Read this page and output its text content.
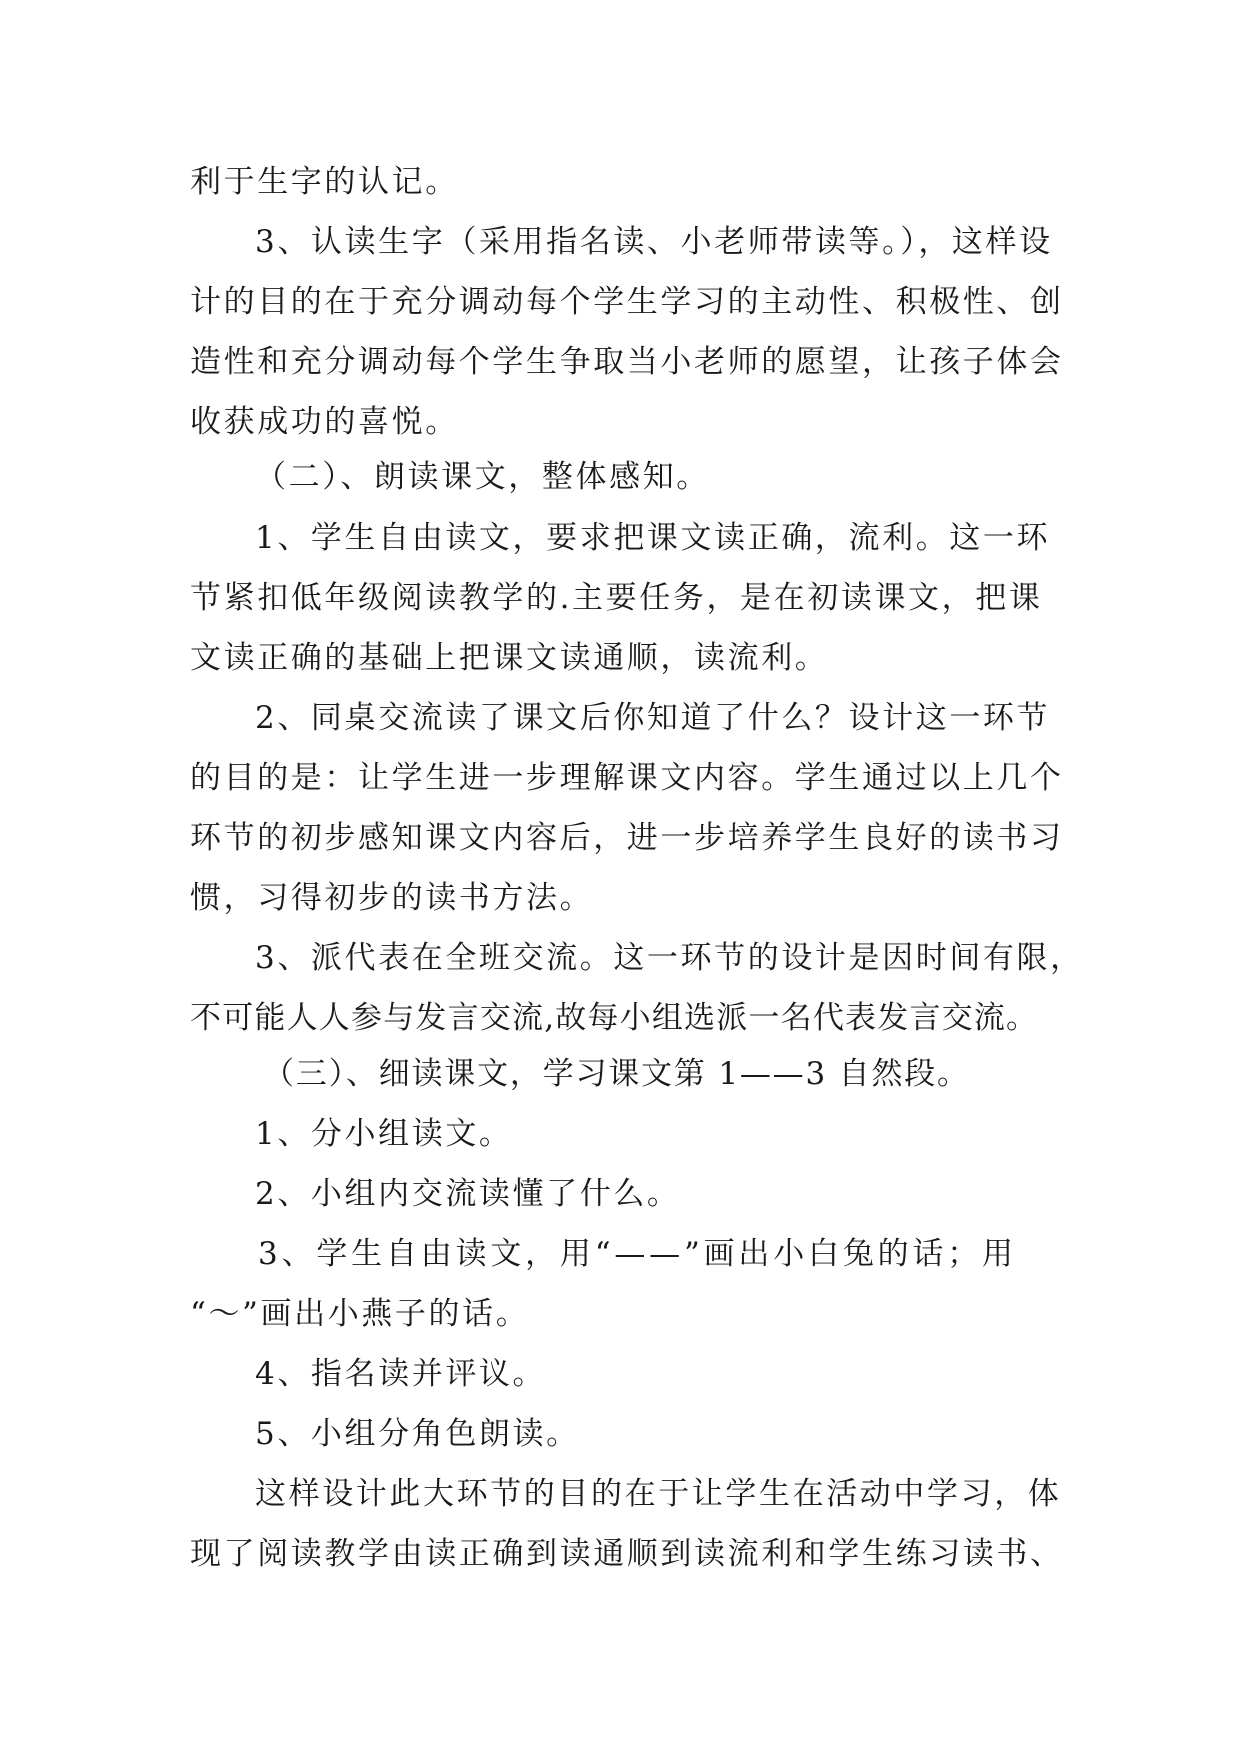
利于生字的认记。
3、认读生字（采用指名读、小老师带读等。），这样设
计的目的在于充分调动每个学生学习的主动性、积极性、创
造性和充分调动每个学生争取当小老师的愿望，让孩子体会
收获成功的喜悦。
（二）、朗读课文，整体感知。
1、学生自由读文，要求把课文读正确，流利。这一环
节紧扣低年级阅读教学的.主要任务，是在初读课文，把课
文读正确的基础上把课文读通顺，读流利。
2、同桌交流读了课文后你知道了什么？设计这一环节
的目的是：让学生进一步理解课文内容。学生通过以上几个
环节的初步感知课文内容后，进一步培养学生良好的读书习
惯，习得初步的读书方法。
3、派代表在全班交流。这一环节的设计是因时间有限，
不可能人人参与发言交流,故每小组选派一名代表发言交流。
（三）、细读课文，学习课文第 1——3 自然段。
1、分小组读文。
2、小组内交流读懂了什么。
3、学生自由读文，用“——”画出小白兔的话；用
“～”画出小燕子的话。
4、指名读并评议。
5、小组分角色朗读。
这样设计此大环节的目的在于让学生在活动中学习，体
现了阅读教学由读正确到读通顺到读流利和学生练习读书、
